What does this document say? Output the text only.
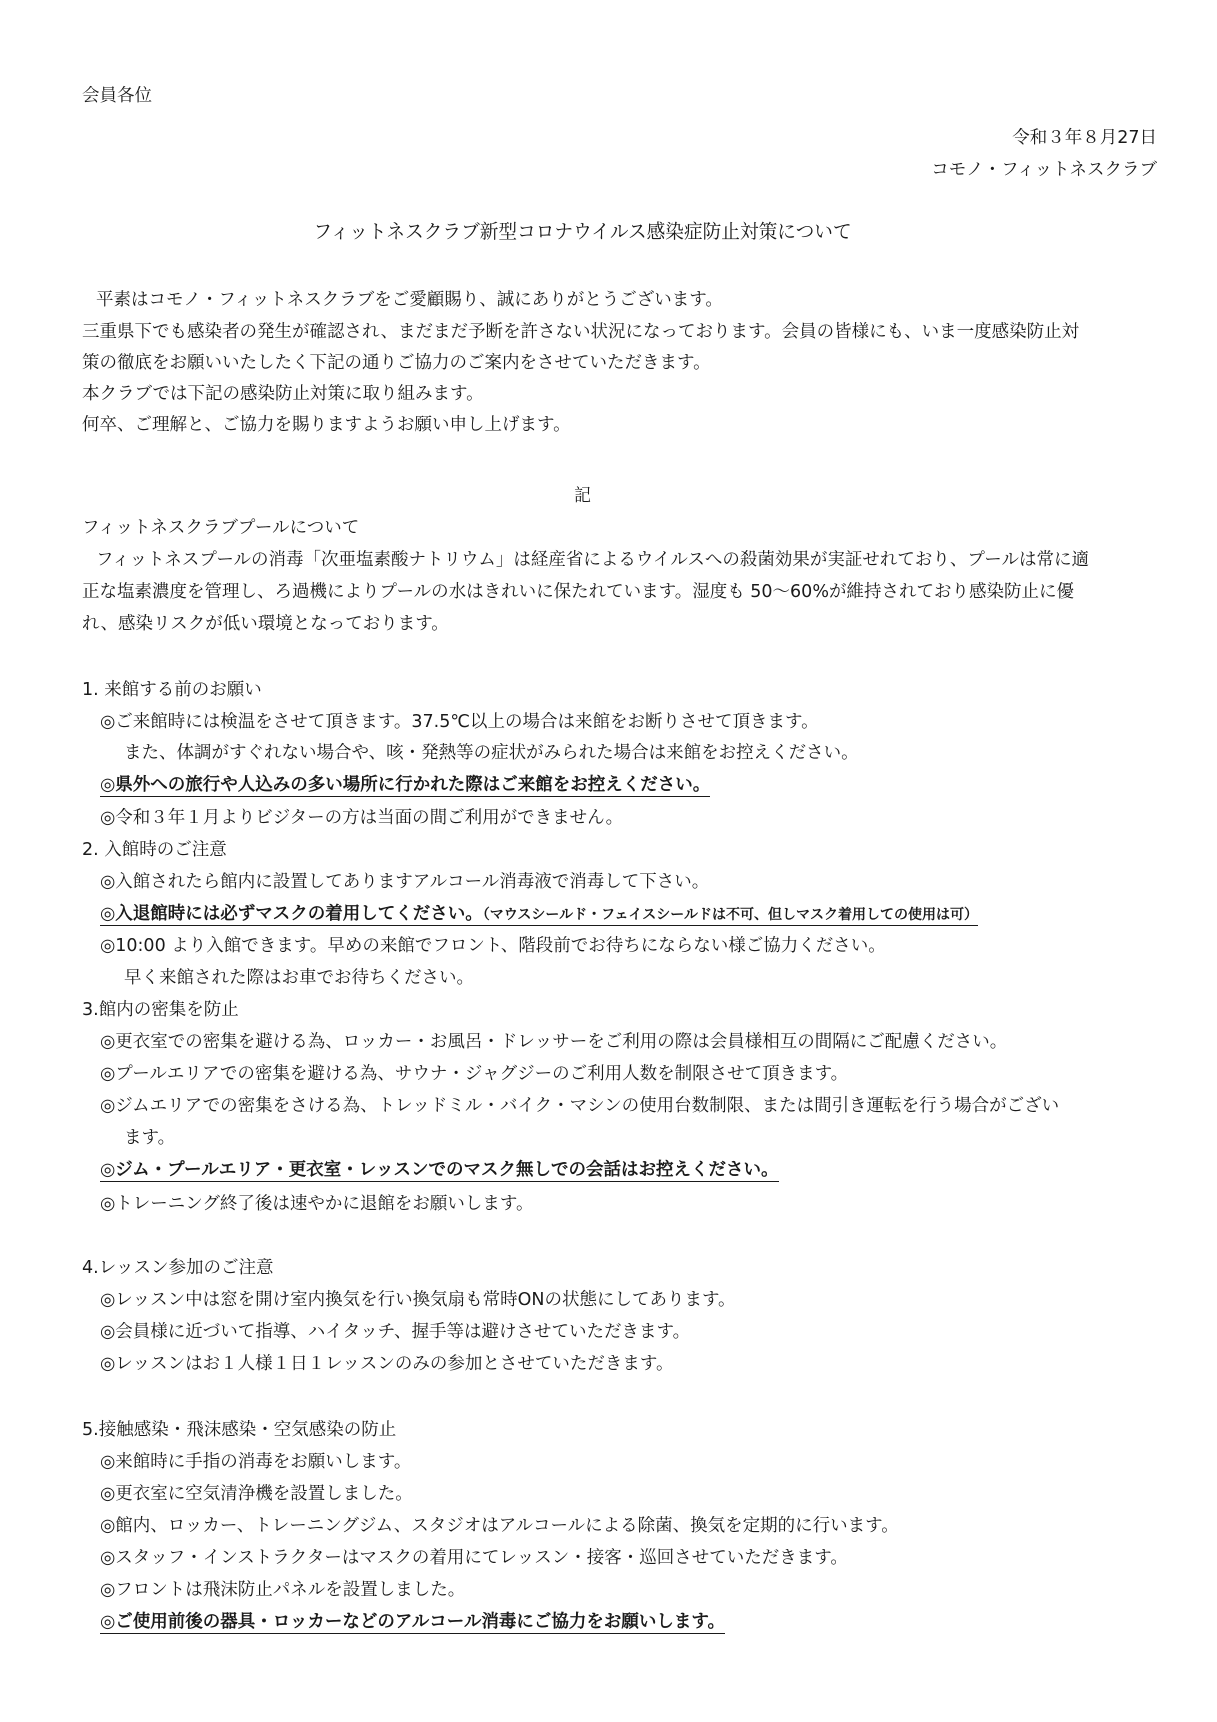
会員各位
令和３年８月27日
コモノ・フィットネスクラブ
フィットネスクラブ新型コロナウイルス感染症防止対策について
平素はコモノ・フィットネスクラブをご愛顧賜り、誠にありがとうございます。
三重県下でも感染者の発生が確認され、まだまだ予断を許さない状況になっております。会員の皆様にも、いま一度感染防止対
策の徹底をお願いいたしたく下記の通りご協力のご案内をさせていただきます。
本クラブでは下記の感染防止対策に取り組みます。
何卒、ご理解と、ご協力を賜りますようお願い申し上げます。
記
フィットネスクラブプールについて
フィットネスプールの消毒「次亜塩素酸ナトリウム」は経産省によるウイルスへの殺菌効果が実証せれており、プールは常に適
正な塩素濃度を管理し、ろ過機によりプールの水はきれいに保たれています。湿度も 50～60%が維持されており感染防止に優
れ、感染リスクが低い環境となっております。
1. 来館する前のお願い
◎ご来館時には検温をさせて頂きます。37.5℃以上の場合は来館をお断りさせて頂きます。
また、体調がすぐれない場合や、咳・発熱等の症状がみられた場合は来館をお控えください。
◎県外への旅行や人込みの多い場所に行かれた際はご来館をお控えください。
◎令和３年１月よりビジターの方は当面の間ご利用ができません。
2. 入館時のご注意
◎入館されたら館内に設置してありますアルコール消毒液で消毒して下さい。
◎入退館時には必ずマスクの着用してください。（マウスシールド・フェイスシールドは不可、但しマスク着用しての使用は可）
◎10:00 より入館できます。早めの来館でフロント、階段前でお待ちにならない様ご協力ください。
早く来館された際はお車でお待ちください。
3.館内の密集を防止
◎更衣室での密集を避ける為、ロッカー・お風呂・ドレッサーをご利用の際は会員様相互の間隔にご配慮ください。
◎プールエリアでの密集を避ける為、サウナ・ジャグジーのご利用人数を制限させて頂きます。
◎ジムエリアでの密集をさける為、トレッドミル・バイク・マシンの使用台数制限、または間引き運転を行う場合がござい
ます。
◎ジム・プールエリア・更衣室・レッスンでのマスク無しでの会話はお控えください。
◎トレーニング終了後は速やかに退館をお願いします。
4.レッスン参加のご注意
◎レッスン中は窓を開け室内換気を行い換気扇も常時ONの状態にしてあります。
◎会員様に近づいて指導、ハイタッチ、握手等は避けさせていただきます。
◎レッスンはお１人様１日１レッスンのみの参加とさせていただきます。
5.接触感染・飛沫感染・空気感染の防止
◎来館時に手指の消毒をお願いします。
◎更衣室に空気清浄機を設置しました。
◎館内、ロッカー、トレーニングジム、スタジオはアルコールによる除菌、換気を定期的に行います。
◎スタッフ・インストラクターはマスクの着用にてレッスン・接客・巡回させていただきます。
◎フロントは飛沫防止パネルを設置しました。
◎ご使用前後の器具・ロッカーなどのアルコール消毒にご協力をお願いします。
